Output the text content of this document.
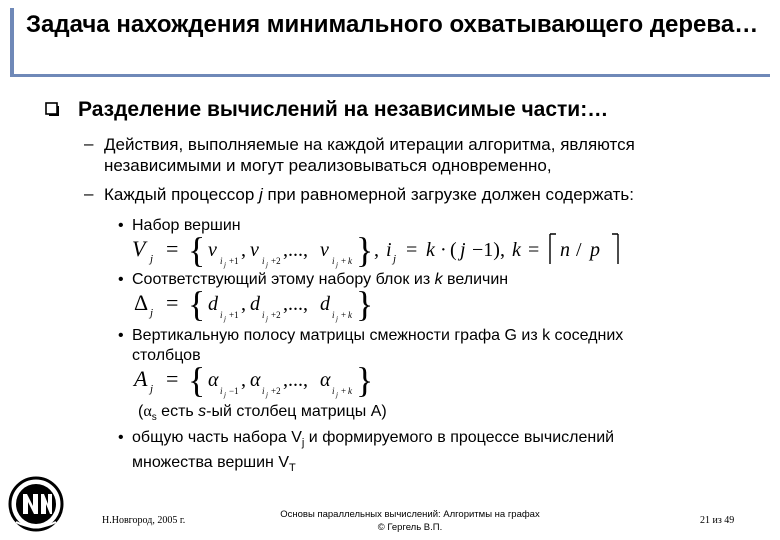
Задача нахождения минимального охватывающего дерева…
Разделение вычислений на независимые части:…
– Действия, выполняемые на каждой итерации алгоритма, являются
независимыми и могут реализовываться одновременно,
– Каждый процессор j при равномерной загрузке должен содержать:
• Набор вершин
V j = { v i j +1 , v i j +2 ,..., v i j + k } , i j = k · ( j −1), k = n / p
• Соответствующий этому набору блок из k величин
Δ j = { d i j +1 , d i j +2 ,..., d i j + k }
• Вертикальную полосу матрицы смежности графа G из k соседних
столбцов
A j = { α i j −1 , α i j +2 ,..., α i j + k }
($\alpha_s$ есть s-ый столбец матрицы A)
• общую часть набора $V_j$ и формируемого в процессе вычислений
множества вершин $V_T$
Н.Новгород, 2005 г.
Основы параллельных вычислений: Алгоритмы на графах
© Гергель В.П.
21 из 49
